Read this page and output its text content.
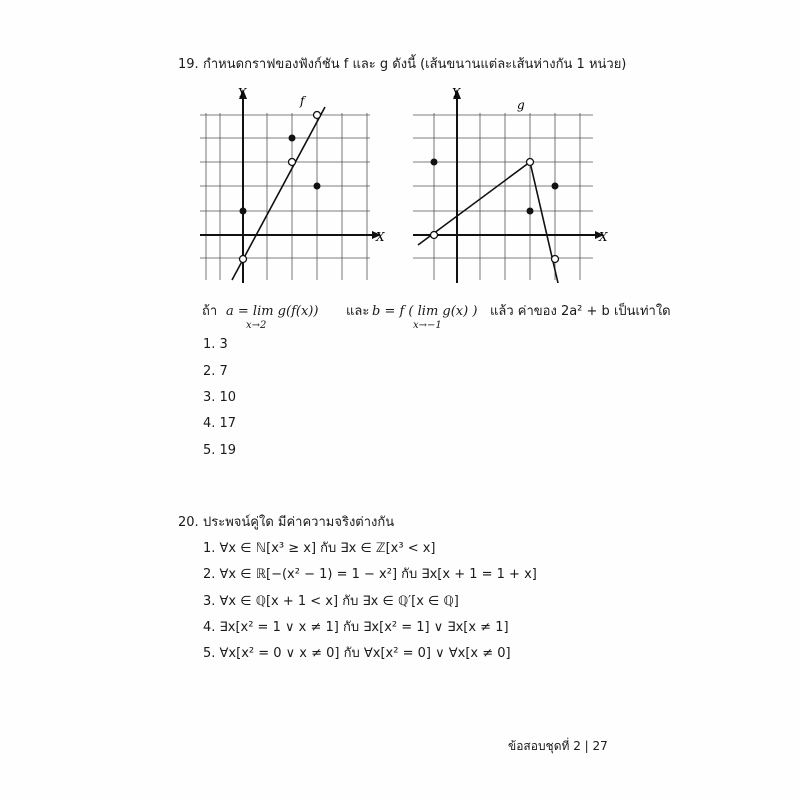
19. กำหนดกราฟของฟังก์ชัน f และ g ดังนี้ (เส้นขนานแต่ละเส้นห่างกัน 1 หน่วย)
Y
X
f
Y
X
g
ถ้า a = lim g(f(x))
x→2
และ b = f ( lim g(x) )
x→−1
แล้ว ค่าของ 2a² + b เป็นเท่าใด
1. 3
2. 7
3. 10
4. 17
5. 19
20. ประพจน์คู่ใด มีค่าความจริงต่างกัน
1. ∀x ∈ ℕ[x³ ≥ x] กับ ∃x ∈ ℤ[x³ < x]
2. ∀x ∈ ℝ[−(x² − 1) = 1 − x²] กับ ∃x[x + 1 = 1 + x]
3. ∀x ∈ ℚ[x + 1 < x] กับ ∃x ∈ ℚ′[x ∈ ℚ]
4. ∃x[x² = 1 ∨ x ≠ 1] กับ ∃x[x² = 1] ∨ ∃x[x ≠ 1]
5. ∀x[x² = 0 ∨ x ≠ 0] กับ ∀x[x² = 0] ∨ ∀x[x ≠ 0]
ข้อสอบชุดที่ 2 | 27
